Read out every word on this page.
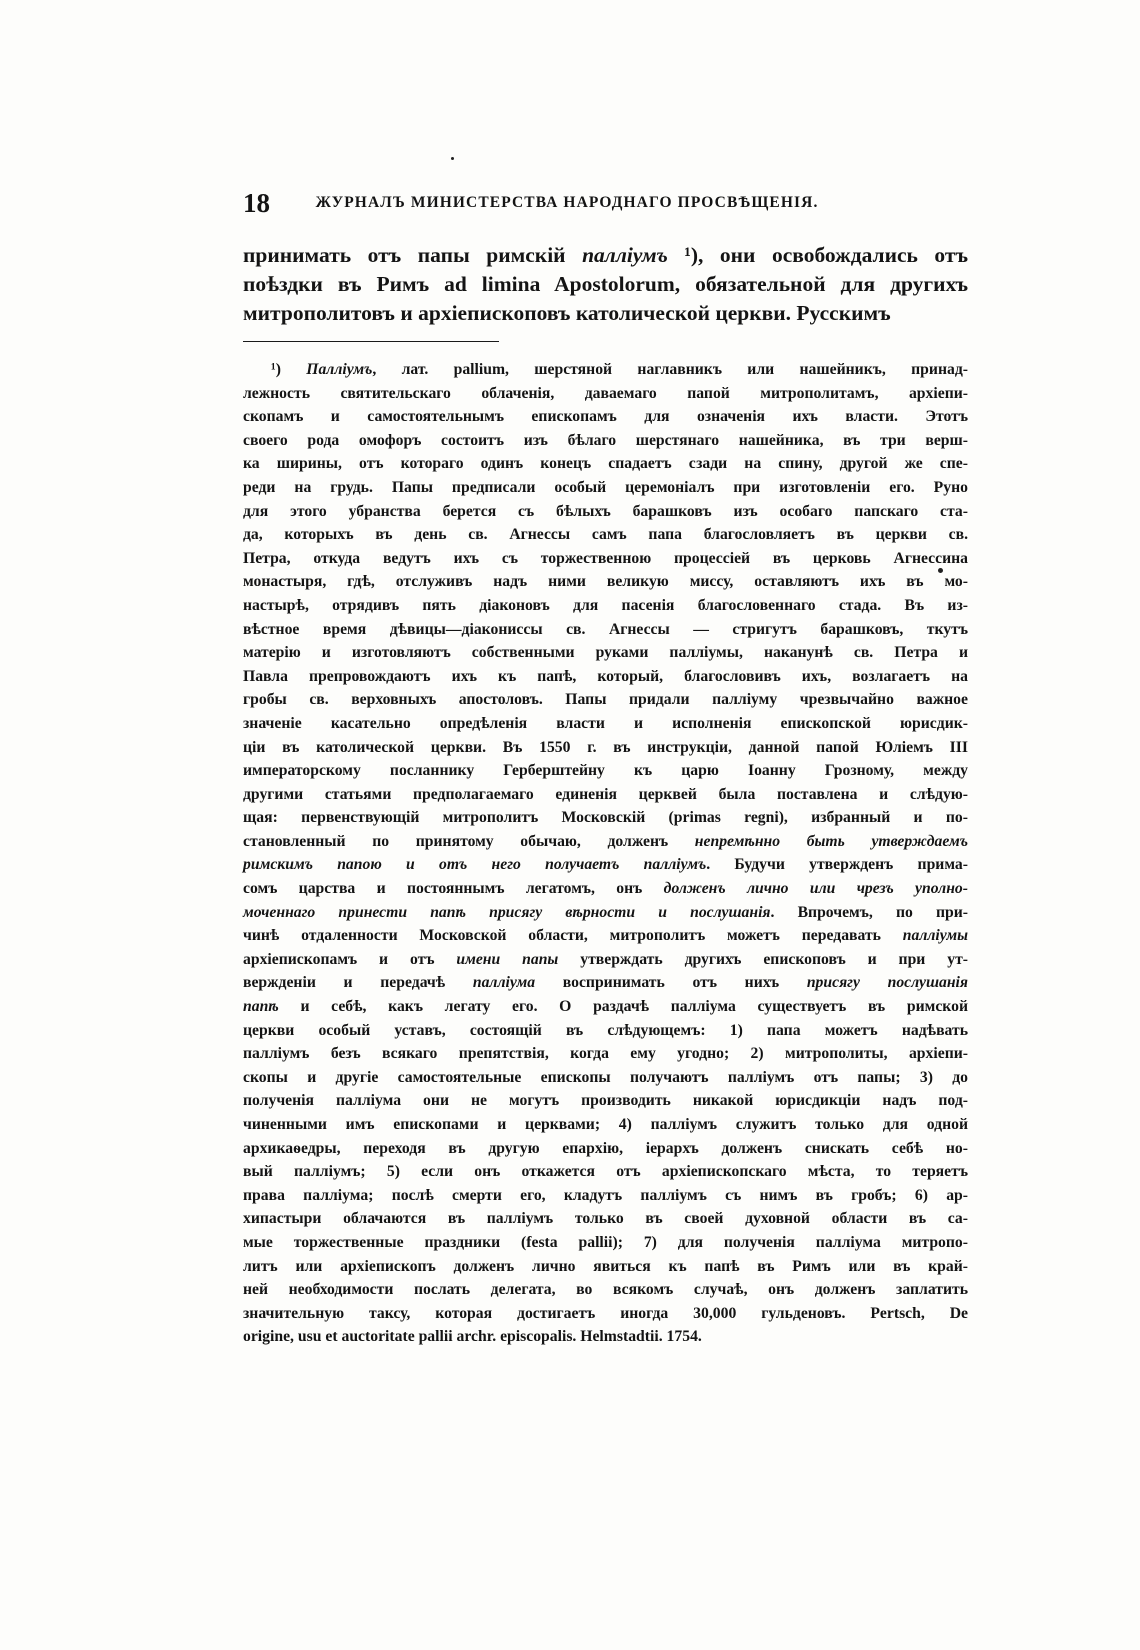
18	ЖУРНАЛЪ МИНИСТЕРСТВА НАРОДНАГО ПРОСВѢЩЕНІЯ.
принимать отъ папы римскій палліумъ ¹), они освобождались отъ
поѣздки въ Римъ ad limina Apostolorum, обязательной для другихъ
митрополитовъ и архіепископовъ католической церкви. Русскимъ
¹) Палліумъ, лат. pallium, шерстяной наглавникъ или нашейникъ, принад-
лежность святительскаго облаченія, даваемаго папой митрополитамъ, архіепи-
скопамъ и самостоятельнымъ епископамъ для означенія ихъ власти. Этотъ
своего рода омофоръ состоитъ изъ бѣлаго шерстянаго нашейника, въ три верш-
ка ширины, отъ котораго одинъ конецъ спадаетъ сзади на спину, другой же спе-
реди на грудь. Папы предписали особый церемоніалъ при изготовленіи его. Руно
для этого убранства берется съ бѣлыхъ барашковъ изъ особаго папскаго ста-
да, которыхъ въ день св. Агнесcы самъ папа благословляетъ въ церкви св.
Петра, откуда ведутъ ихъ съ торжественною процессіей въ церковь Агнессина
монастыря, гдѣ, отслуживъ надъ ними великую миссу, оставляютъ ихъ въ мо-
настырѣ, отрядивъ пять діаконовъ для пасенія благословеннаго стада. Въ из-
вѣстное время дѣвицы—діакониссы св. Агнессы — стригутъ барашковъ, ткутъ
матерію и изготовляютъ собственными руками палліумы, наканунѣ св. Петра и
Павла препровождаютъ ихъ къ папѣ, который, благословивъ ихъ, возлагаетъ на
гробы св. верховныхъ апостоловъ. Папы придали палліуму чрезвычайно важное
значеніе касательно опредѣленія власти и исполненія епископской юрисдик-
ціи въ католической церкви. Въ 1550 г. въ инструкціи, данной папой Юліемъ III
императорскому посланнику Герберштейну къ царю Іоанну Грозному, между
другими статьями предполагаемаго единенія церквей была поставлена и слѣдую-
щая: первенствующій митрополитъ Московскій (primas regni), избранный и по-
становленный по принятому обычаю, долженъ непремѣнно быть утверждаемъ
римскимъ папою и отъ него получаетъ палліумъ. Будучи утвержденъ прима-
сомъ царства и постояннымъ легатомъ, онъ долженъ лично или чрезъ уполно-
моченнаго принести папѣ присягу вѣрности и послушанія. Впрочемъ, по при-
чинѣ отдаленности Московской области, митрополитъ можетъ передавать палліумы
архіепископамъ и отъ имени папы утверждать другихъ епископовъ и при ут-
вержденіи и передачѣ палліума воспринимать отъ нихъ присягу послушанія
папѣ и себѣ, какъ легату его. О раздачѣ палліума существуетъ въ римской
церкви особый уставъ, состоящій въ слѣдующемъ: 1) папа можетъ надѣвать
палліумъ безъ всякаго препятствія, когда ему угодно; 2) митрополиты, архіепи-
скопы и другіе самостоятельные епископы получаютъ палліумъ отъ папы; 3) до
полученія палліума они не могутъ производить никакой юрисдикціи надъ под-
чиненными имъ епископами и церквами; 4) палліумъ служитъ только для одной
архикаѳедры, переходя въ другую епархію, іерархъ долженъ снискать себѣ но-
вый палліумъ; 5) если онъ откажется отъ архіепископскаго мѣста, то теряетъ
права палліума; послѣ смерти его, кладутъ палліумъ съ нимъ въ гробъ; 6) ар-
хипастыри облачаются въ палліумъ только въ своей духовной области въ са-
мые торжественные праздники (festa pallii); 7) для полученія палліума митропо-
литъ или архіепископъ долженъ лично явиться къ папѣ въ Римъ или въ край-
ней необходимости послать делегата, во всякомъ случаѣ, онъ долженъ заплатить
значительную таксу, которая достигаетъ иногда 30,000 гульденовъ. Pertsch, De
origine, usu et auctoritate pallii archr. episcopalis. Helmstadtii. 1754.
